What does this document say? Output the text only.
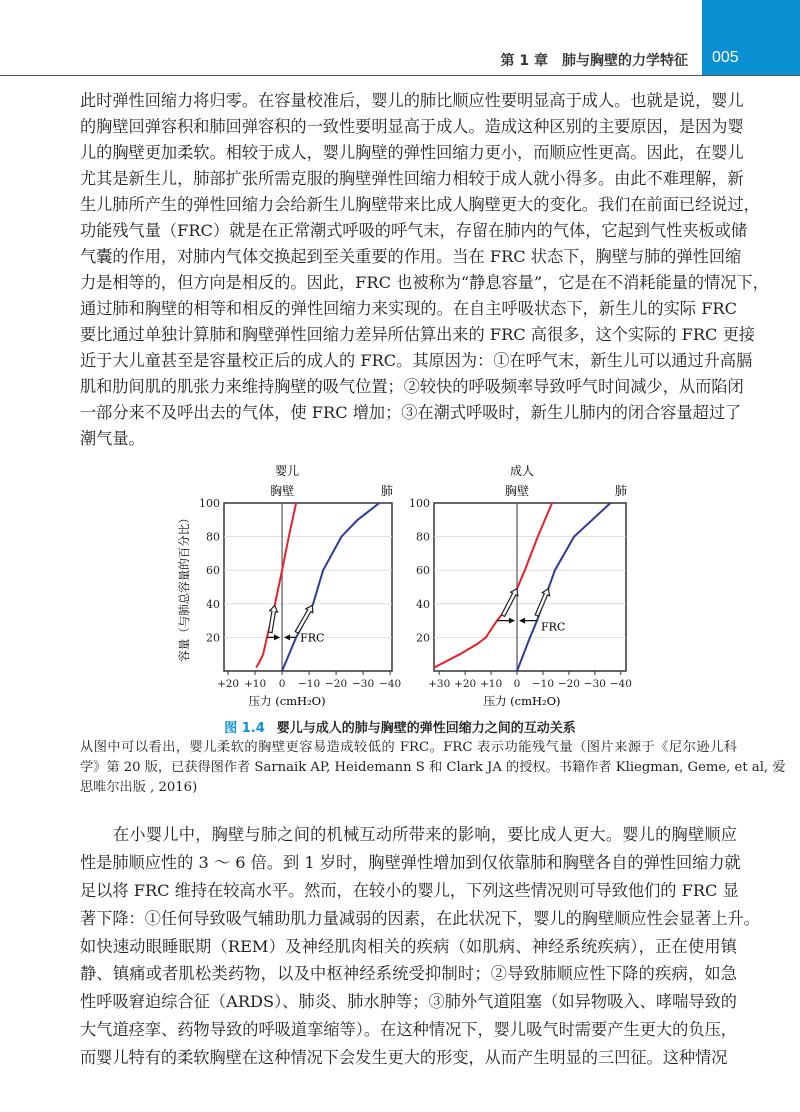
第 1 章　肺与胸壁的力学特征 005
此时弹性回缩力将归零。在容量校准后，婴儿的肺比顺应性要明显高于成人。也就是说，婴儿
的胸壁回弹容积和肺回弹容积的一致性要明显高于成人。造成这种区别的主要原因，是因为婴
儿的胸壁更加柔软。相较于成人，婴儿胸壁的弹性回缩力更小，而顺应性更高。因此，在婴儿
尤其是新生儿，肺部扩张所需克服的胸壁弹性回缩力相较于成人就小得多。由此不难理解，新
生儿肺所产生的弹性回缩力会给新生儿胸壁带来比成人胸壁更大的变化。我们在前面已经说过，
功能残气量（FRC）就是在正常潮式呼吸的呼气末，存留在肺内的气体，它起到气性夹板或储
气囊的作用，对肺内气体交换起到至关重要的作用。当在 FRC 状态下，胸壁与肺的弹性回缩
力是相等的，但方向是相反的。因此，FRC 也被称为“静息容量”，它是在不消耗能量的情况下，
通过肺和胸壁的相等和相反的弹性回缩力来实现的。在自主呼吸状态下，新生儿的实际 FRC
要比通过单独计算肺和胸壁弹性回缩力差异所估算出来的 FRC 高很多，这个实际的 FRC 更接
近于大儿童甚至是容量校正后的成人的 FRC。其原因为：①在呼气末，新生儿可以通过升高膈
肌和肋间肌的肌张力来维持胸壁的吸气位置；②较快的呼吸频率导致呼气时间减少，从而陷闭
一部分来不及呼出去的气体，使 FRC 增加；③在潮式呼吸时，新生儿肺内的闭合容量超过了
潮气量。
20
40
60
80
100
+20 +10 0 −10 −20 −30 −40
婴儿
胸壁	肺
压力 (cmH₂O)
容量（与肺总容量的百分比）	FRC	20
40
60
80
100
+30 +20 +10 0 −10 −20 −30 −40
成人
胸壁	肺
压力 (cmH₂O)
FRC
图 1.4 婴儿与成人的肺与胸壁的弹性回缩力之间的互动关系
从图中可以看出，婴儿柔软的胸壁更容易造成较低的 FRC。FRC 表示功能残气量（图片来源于《尼尔逊儿科
学》第 20 版，已获得图作者 Sarnaik AP, Heidemann S 和 Clark JA 的授权。书籍作者 Kliegman, Geme, et al, 爱
思唯尔出版 , 2016)
在小婴儿中，胸壁与肺之间的机械互动所带来的影响，要比成人更大。婴儿的胸壁顺应
性是肺顺应性的 3 ～ 6 倍。到 1 岁时，胸壁弹性增加到仅依靠肺和胸壁各自的弹性回缩力就
足以将 FRC 维持在较高水平。然而，在较小的婴儿，下列这些情况则可导致他们的 FRC 显
著下降：①任何导致吸气辅助肌力量减弱的因素，在此状况下，婴儿的胸壁顺应性会显著上升。
如快速动眼睡眠期（REM）及神经肌肉相关的疾病（如肌病、神经系统疾病），正在使用镇
静、镇痛或者肌松类药物，以及中枢神经系统受抑制时；②导致肺顺应性下降的疾病，如急
性呼吸窘迫综合征（ARDS）、肺炎、肺水肿等；③肺外气道阻塞（如异物吸入、哮喘导致的
大气道痉挛、药物导致的呼吸道挛缩等）。在这种情况下，婴儿吸气时需要产生更大的负压，
而婴儿特有的柔软胸壁在这种情况下会发生更大的形变，从而产生明显的三凹征。这种情况
